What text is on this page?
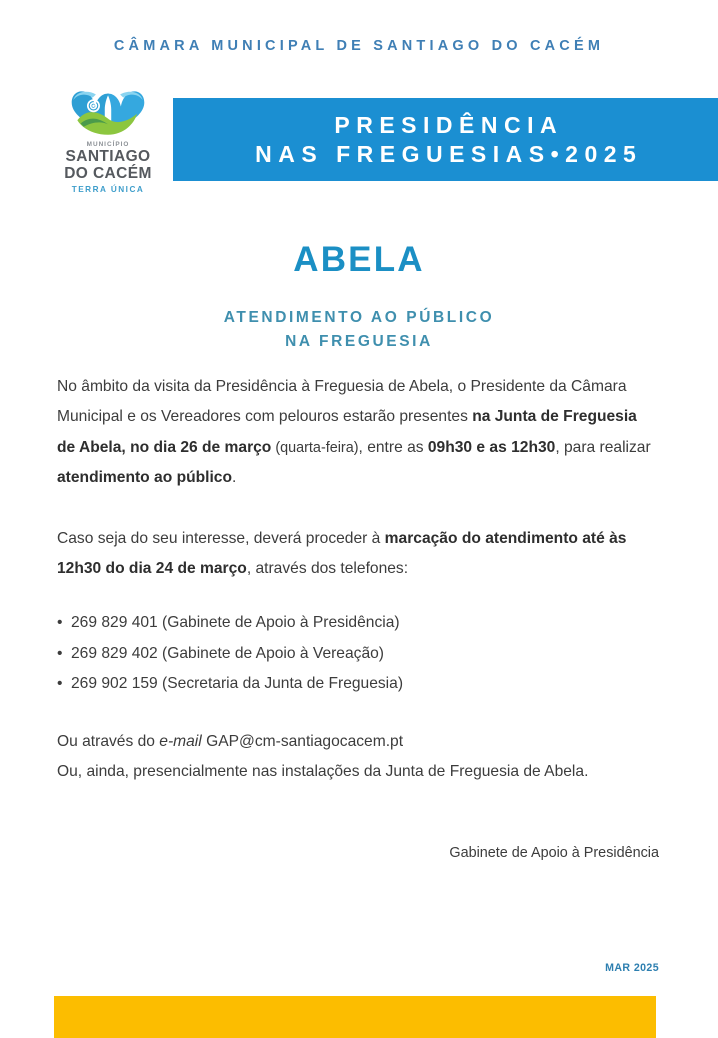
CÂMARA MUNICIPAL DE SANTIAGO DO CACÉM
MUNICÍPIO
SANTIAGO
DO CACÉM
TERRA ÚNICA
PRESIDÊNCIA
NAS FREGUESIAS•2025
ABELA
ATENDIMENTO AO PÚBLICO
NA FREGUESIA

No âmbito da visita da Presidência à Freguesia de Abela, o Presidente da Câmara Municipal e os Vereadores com pelouros estarão presentes na Junta de Freguesia de Abela, no dia 26 de março (quarta-feira), entre as 09h30 e as 12h30, para realizar atendimento ao público.

Caso seja do seu interesse, deverá proceder à marcação do atendimento até às 12h30 do dia 24 de março, através dos telefones:

• 269 829 401 (Gabinete de Apoio à Presidência)
• 269 829 402 (Gabinete de Apoio à Vereação)
• 269 902 159 (Secretaria da Junta de Freguesia)

Ou através do e-mail GAP@cm-santiagocacem.pt

Ou, ainda, presencialmente nas instalações da Junta de Freguesia de Abela.

Gabinete de Apoio à Presidência
MAR 2025
